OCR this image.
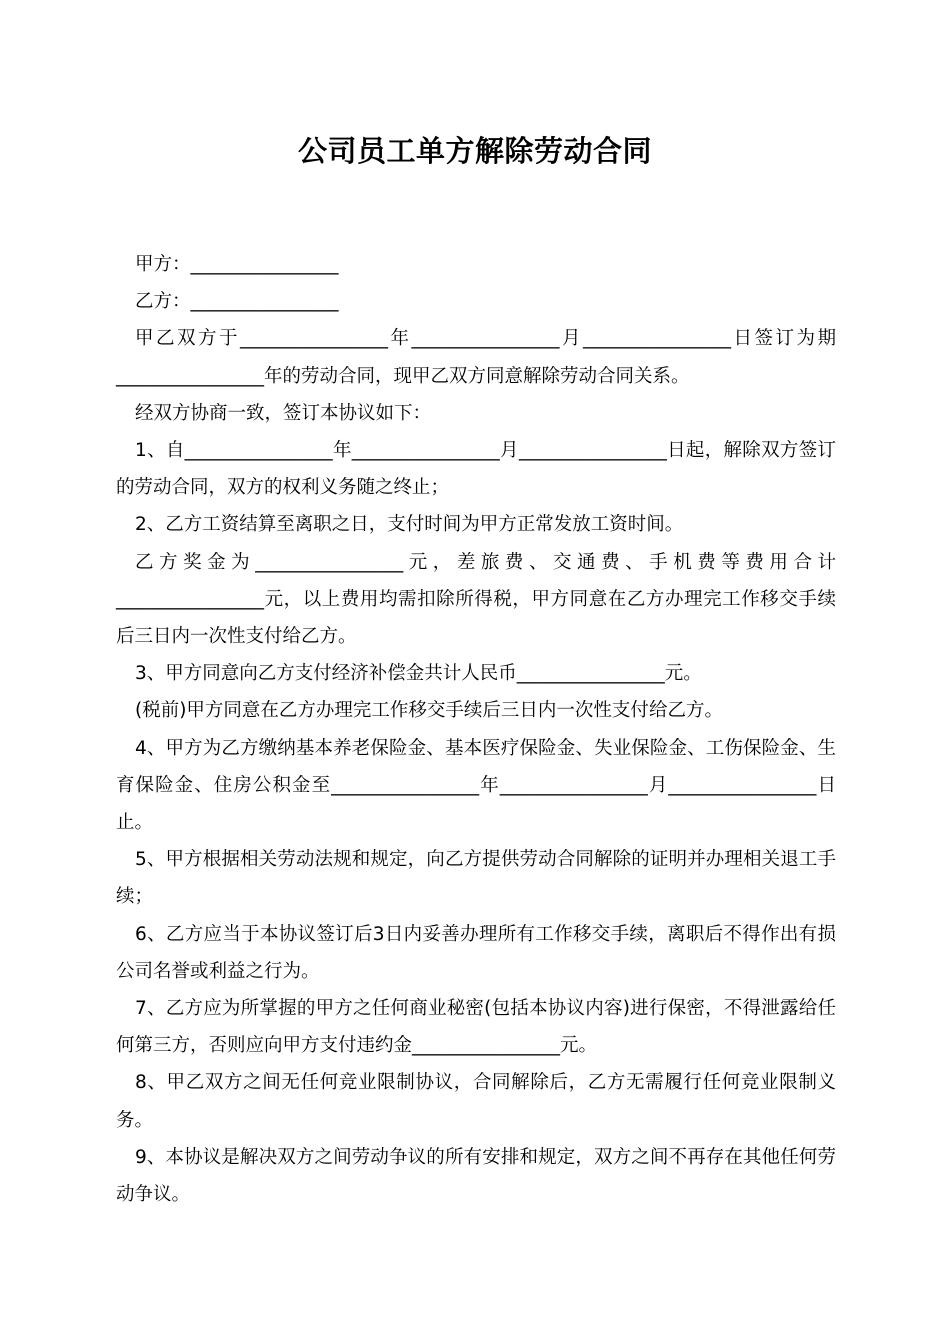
公司员工单方解除劳动合同

甲方：________________

乙方：________________

甲乙双方于________________年________________月________________日签订为期________________年的劳动合同，现甲乙双方同意解除劳动合同关系。

经双方协商一致，签订本协议如下：

1、自________________年________________月________________日起，解除双方签订的劳动合同，双方的权利义务随之终止；

2、乙方工资结算至离职之日，支付时间为甲方正常发放工资时间。

乙方奖金为________________元，差旅费、交通费、手机费等费用合计________________元，以上费用均需扣除所得税，甲方同意在乙方办理完工作移交手续后三日内一次性支付给乙方。

3、甲方同意向乙方支付经济补偿金共计人民币________________元。

(税前)甲方同意在乙方办理完工作移交手续后三日内一次性支付给乙方。

4、甲方为乙方缴纳基本养老保险金、基本医疗保险金、失业保险金、工伤保险金、生育保险金、住房公积金至________________年________________月________________日止。

5、甲方根据相关劳动法规和规定，向乙方提供劳动合同解除的证明并办理相关退工手续；

6、乙方应当于本协议签订后3日内妥善办理所有工作移交手续，离职后不得作出有损公司名誉或利益之行为。

7、乙方应为所掌握的甲方之任何商业秘密(包括本协议内容)进行保密，不得泄露给任何第三方，否则应向甲方支付违约金________________元。

8、甲乙双方之间无任何竞业限制协议，合同解除后，乙方无需履行任何竞业限制义务。

9、本协议是解决双方之间劳动争议的所有安排和规定，双方之间不再存在其他任何劳动争议。
